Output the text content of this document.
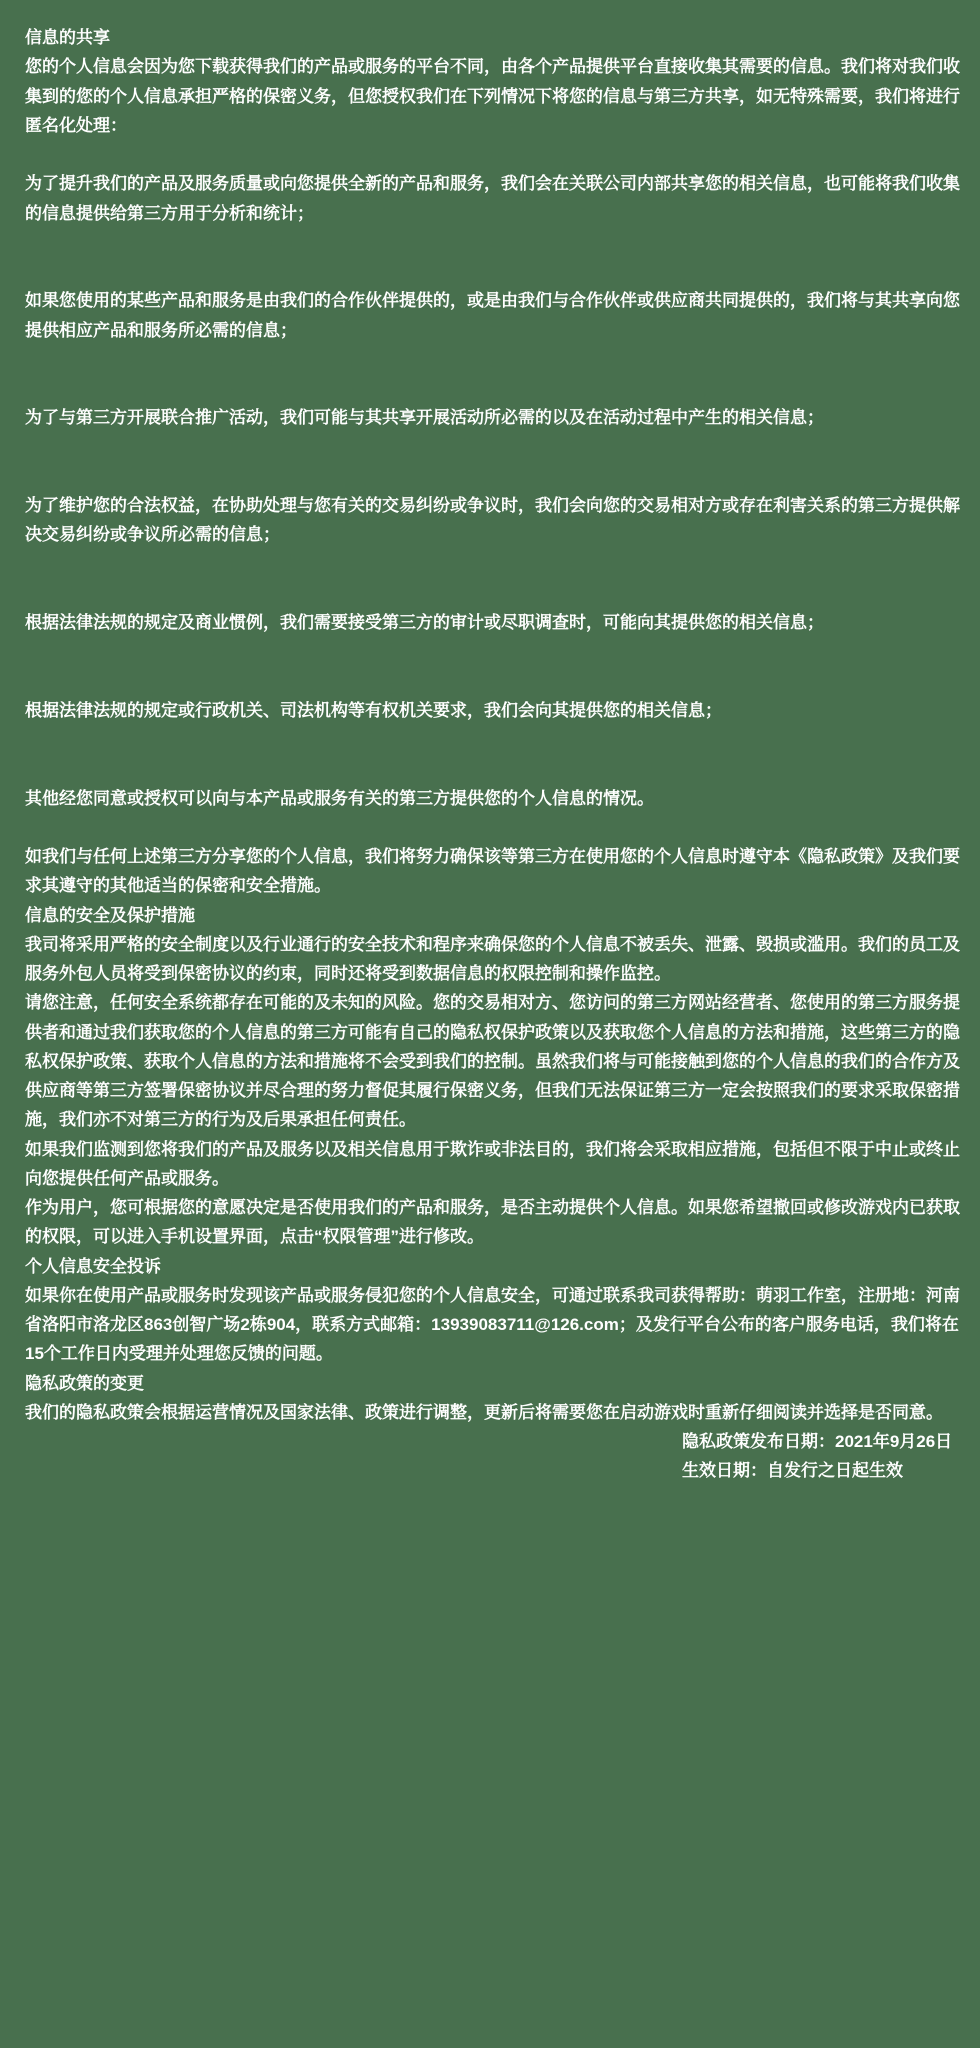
信息的共享
您的个人信息会因为您下载获得我们的产品或服务的平台不同，由各个产品提供平台直接收集其需要的信息。我们将对我们收
集到的您的个人信息承担严格的保密义务，但您授权我们在下列情况下将您的信息与第三方共享，如无特殊需要，我们将进行
匿名化处理：
为了提升我们的产品及服务质量或向您提供全新的产品和服务，我们会在关联公司内部共享您的相关信息，也可能将我们收集
的信息提供给第三方用于分析和统计；
如果您使用的某些产品和服务是由我们的合作伙伴提供的，或是由我们与合作伙伴或供应商共同提供的，我们将与其共享向您
提供相应产品和服务所必需的信息；
为了与第三方开展联合推广活动，我们可能与其共享开展活动所必需的以及在活动过程中产生的相关信息；
为了维护您的合法权益，在协助处理与您有关的交易纠纷或争议时，我们会向您的交易相对方或存在利害关系的第三方提供解
决交易纠纷或争议所必需的信息；
根据法律法规的规定及商业惯例，我们需要接受第三方的审计或尽职调查时，可能向其提供您的相关信息；
根据法律法规的规定或行政机关、司法机构等有权机关要求，我们会向其提供您的相关信息；
其他经您同意或授权可以向与本产品或服务有关的第三方提供您的个人信息的情况。
如我们与任何上述第三方分享您的个人信息，我们将努力确保该等第三方在使用您的个人信息时遵守本《隐私政策》及我们要
求其遵守的其他适当的保密和安全措施。
信息的安全及保护措施
我司将采用严格的安全制度以及行业通行的安全技术和程序来确保您的个人信息不被丢失、泄露、毁损或滥用。我们的员工及
服务外包人员将受到保密协议的约束，同时还将受到数据信息的权限控制和操作监控。
请您注意，任何安全系统都存在可能的及未知的风险。您的交易相对方、您访问的第三方网站经营者、您使用的第三方服务提
供者和通过我们获取您的个人信息的第三方可能有自己的隐私权保护政策以及获取您个人信息的方法和措施，这些第三方的隐
私权保护政策、获取个人信息的方法和措施将不会受到我们的控制。虽然我们将与可能接触到您的个人信息的我们的合作方及
供应商等第三方签署保密协议并尽合理的努力督促其履行保密义务，但我们无法保证第三方一定会按照我们的要求采取保密措
施，我们亦不对第三方的行为及后果承担任何责任。
如果我们监测到您将我们的产品及服务以及相关信息用于欺诈或非法目的，我们将会采取相应措施，包括但不限于中止或终止
向您提供任何产品或服务。
作为用户，您可根据您的意愿决定是否使用我们的产品和服务，是否主动提供个人信息。如果您希望撤回或修改游戏内已获取
的权限，可以进入手机设置界面，点击“权限管理”进行修改。
个人信息安全投诉
如果你在使用产品或服务时发现该产品或服务侵犯您的个人信息安全，可通过联系我司获得帮助：萌羽工作室，注册地：河南
省洛阳市洛龙区863创智广场2栋904，联系方式邮箱：13939083711@126.com；及发行平台公布的客户服务电话，我们将在
15个工作日内受理并处理您反馈的问题。
隐私政策的变更
我们的隐私政策会根据运营情况及国家法律、政策进行调整，更新后将需要您在启动游戏时重新仔细阅读并选择是否同意。
隐私政策发布日期：2021年9月26日
生效日期：自发行之日起生效
